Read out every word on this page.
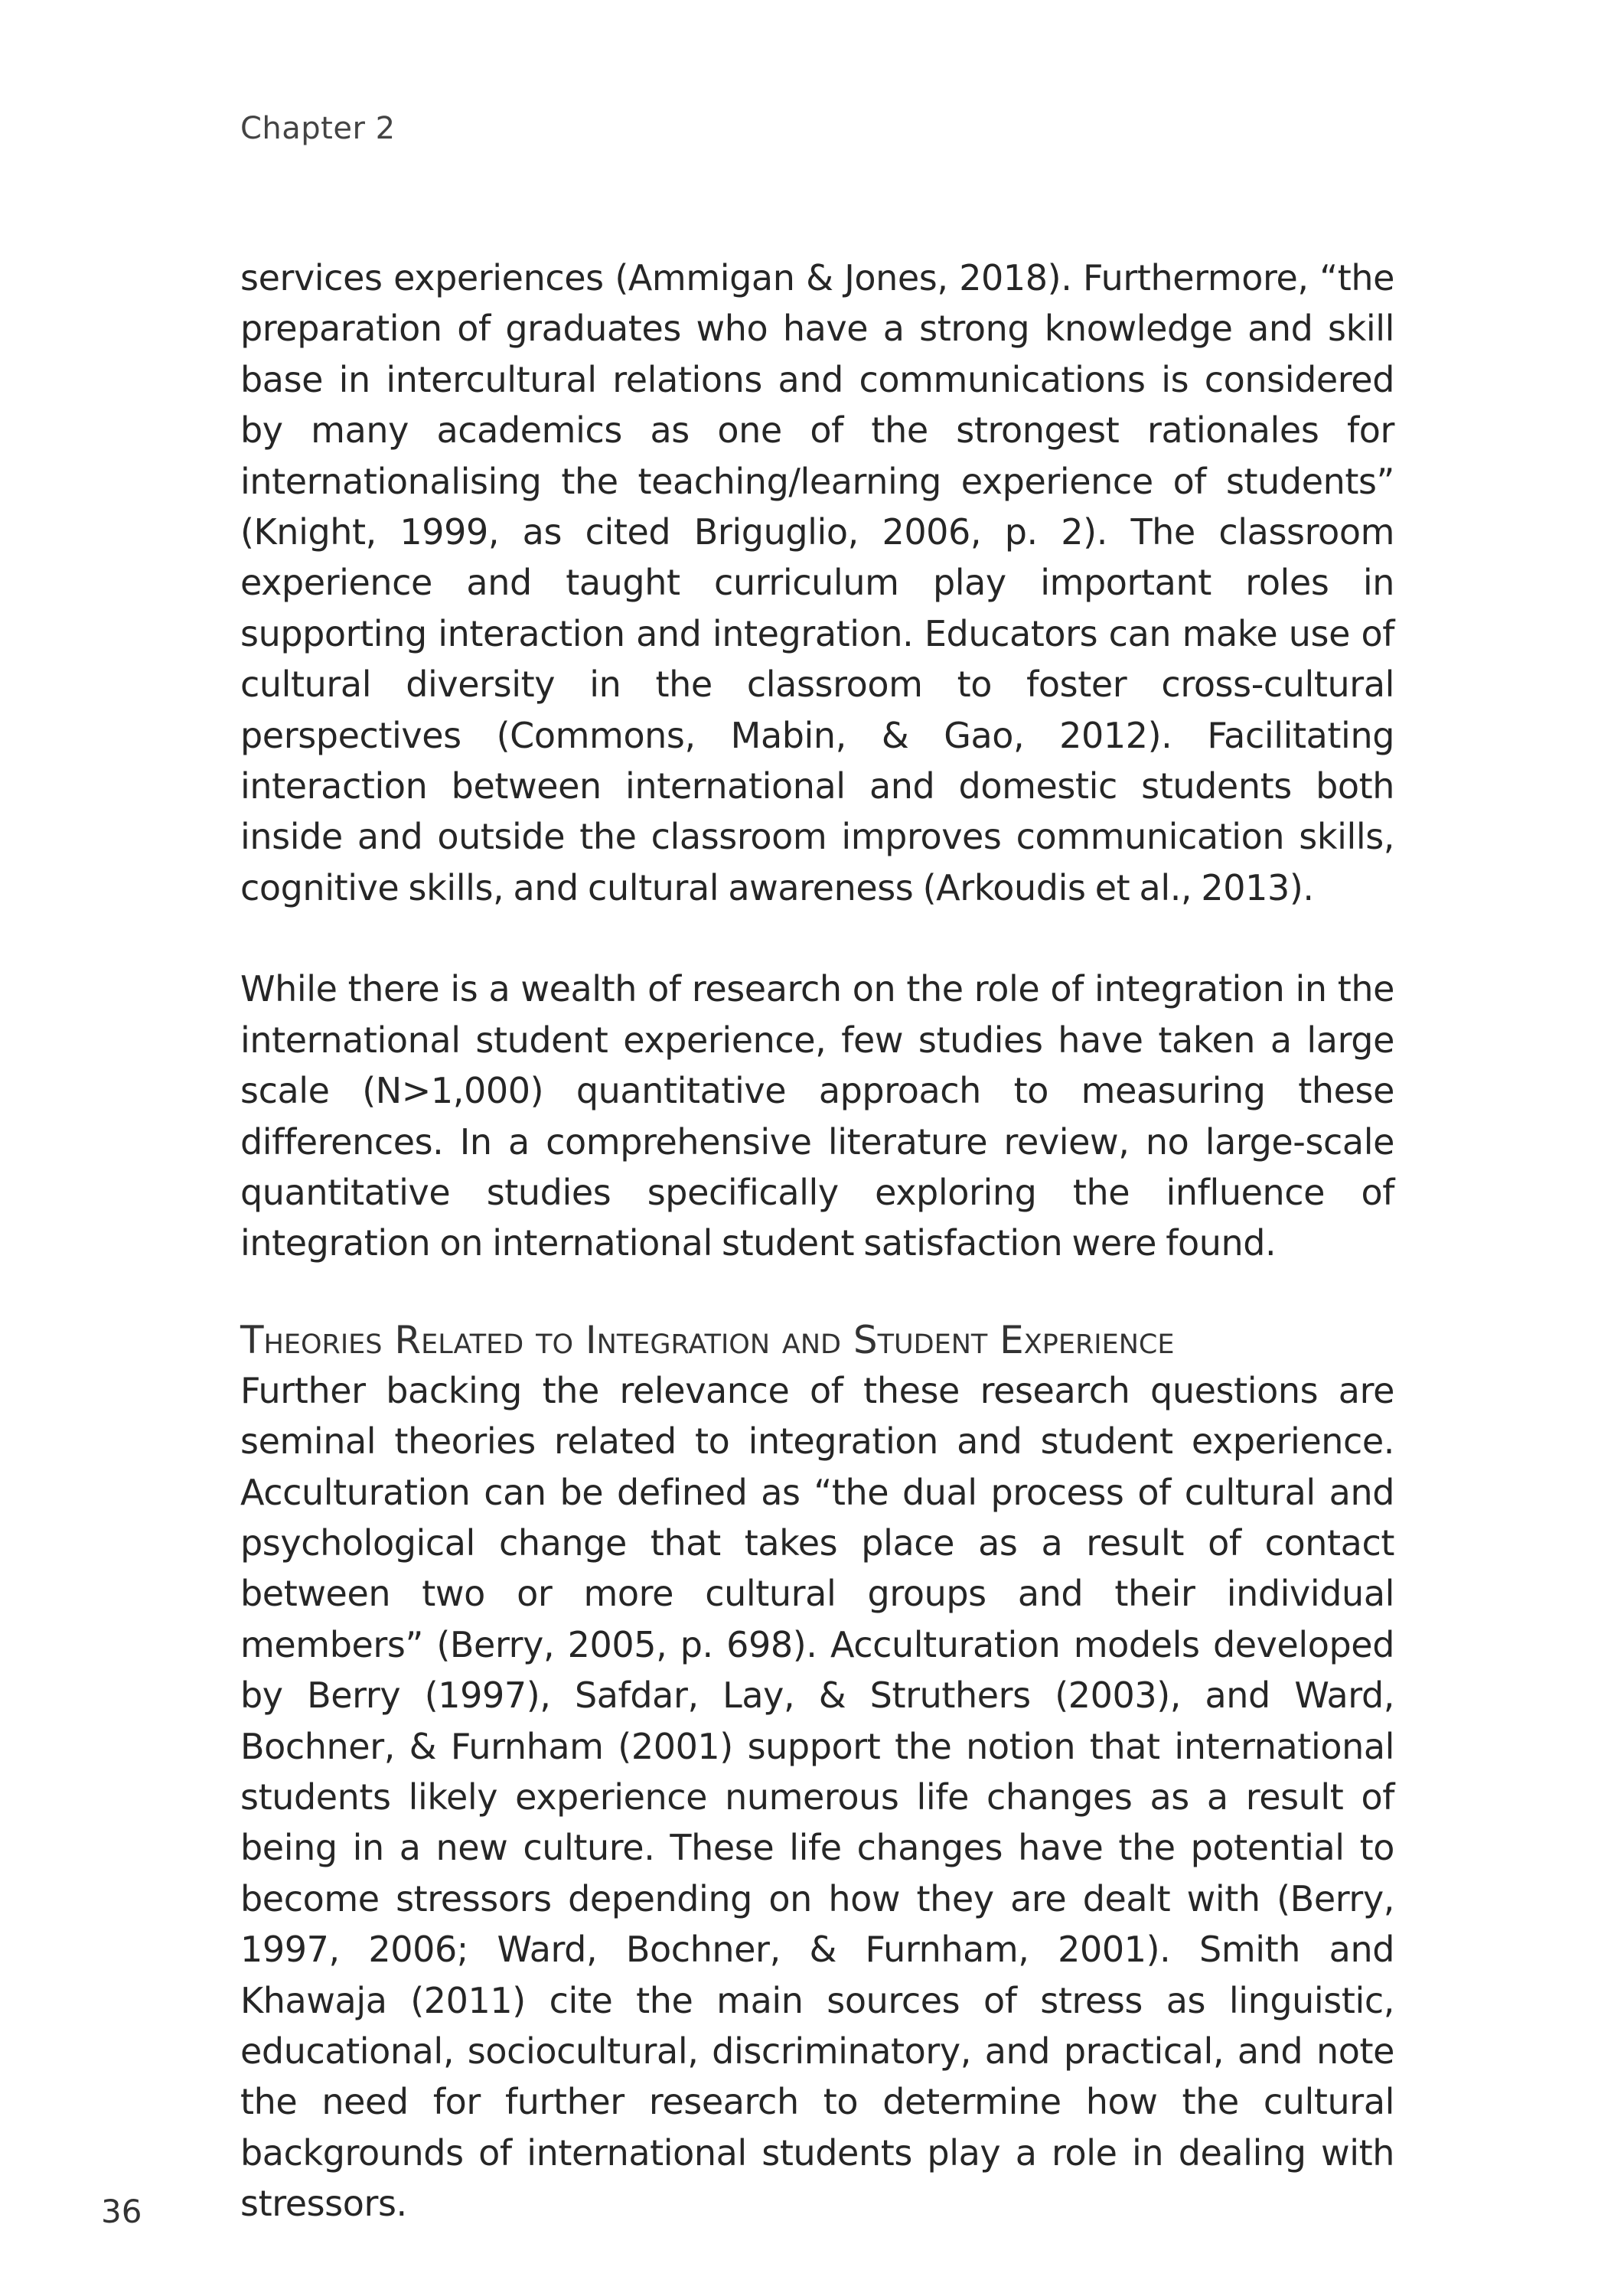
Chapter 2

services experiences (Ammigan & Jones, 2018). Furthermore, “the preparation of graduates who have a strong knowledge and skill base in intercultural relations and communications is considered by many academics as one of the strongest rationales for internationalising the teaching/learning experience of students” (Knight, 1999, as cited Briguglio, 2006, p. 2). The classroom experience and taught curriculum play important roles in supporting interaction and integration. Educators can make use of cultural diversity in the classroom to foster cross-cultural perspectives (Commons, Mabin, & Gao, 2012). Facilitating interaction between international and domestic students both inside and outside the classroom improves communication skills, cognitive skills, and cultural awareness (Arkoudis et al., 2013).

While there is a wealth of research on the role of integration in the international student experience, few studies have taken a large scale (N>1,000) quantitative approach to measuring these differences. In a comprehensive literature review, no large-scale quantitative studies specifically exploring the influence of integration on international student satisfaction were found.

Theories Related to Integration and Student Experience

Further backing the relevance of these research questions are seminal theories related to integration and student experience. Acculturation can be defined as “the dual process of cultural and psychological change that takes place as a result of contact between two or more cultural groups and their individual members” (Berry, 2005, p. 698). Acculturation models developed by Berry (1997), Safdar, Lay, & Struthers (2003), and Ward, Bochner, & Furnham (2001) support the notion that international students likely experience numerous life changes as a result of being in a new culture. These life changes have the potential to become stressors depending on how they are dealt with (Berry, 1997, 2006; Ward, Bochner, & Furnham, 2001). Smith and Khawaja (2011) cite the main sources of stress as linguistic, educational, sociocultural, discriminatory, and practical, and note the need for further research to determine how the cultural backgrounds of international students play a role in dealing with stressors.

36
